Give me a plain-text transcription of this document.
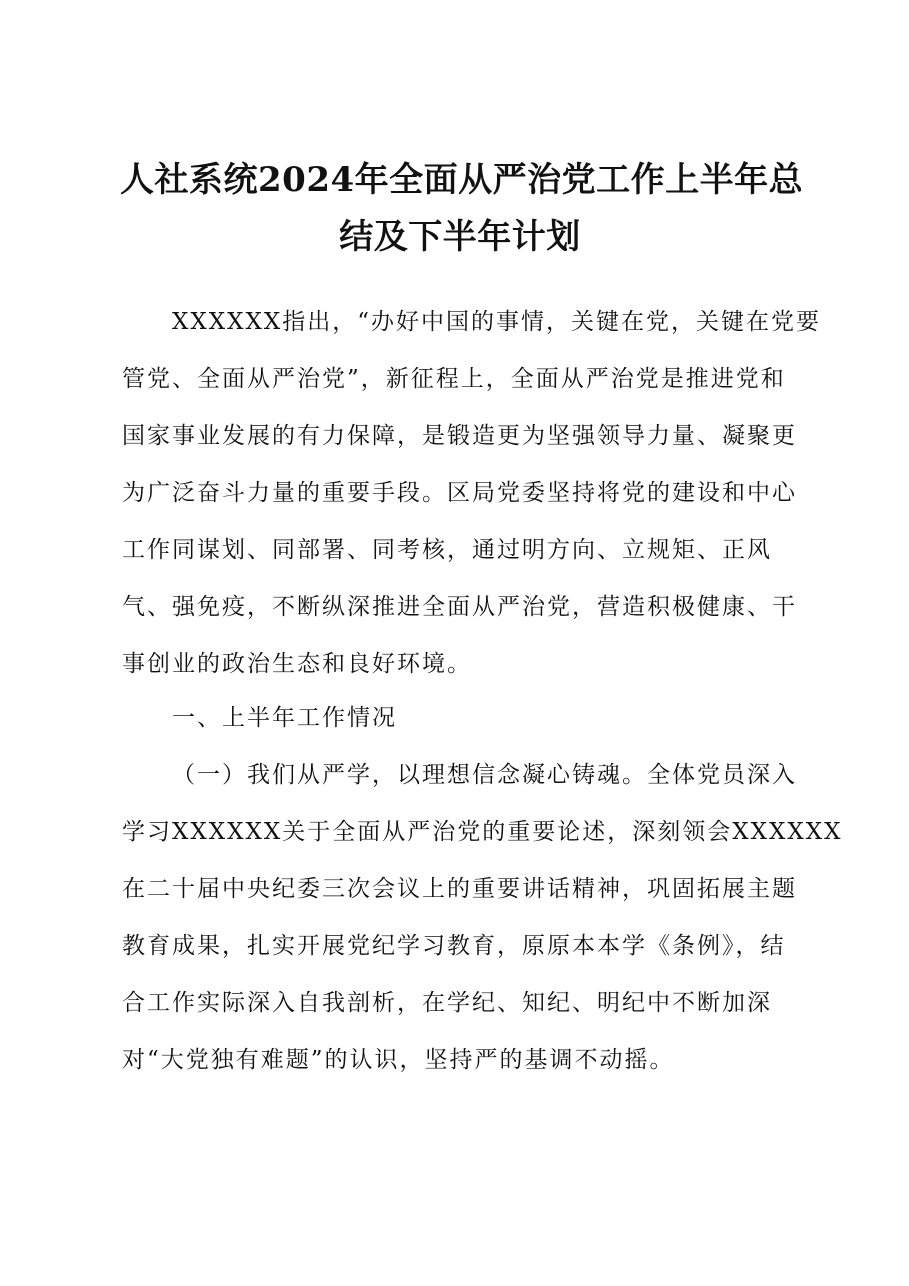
人社系统2024年全面从严治党工作上半年总
结及下半年计划
XXXXXX指出，“办好中国的事情，关键在党，关键在党要
管党、全面从严治党”，新征程上，全面从严治党是推进党和
国家事业发展的有力保障，是锻造更为坚强领导力量、凝聚更
为广泛奋斗力量的重要手段。区局党委坚持将党的建设和中心
工作同谋划、同部署、同考核，通过明方向、立规矩、正风
气、强免疫，不断纵深推进全面从严治党，营造积极健康、干
事创业的政治生态和良好环境。
一、上半年工作情况
（一）我们从严学，以理想信念凝心铸魂。全体党员深入
学习XXXXXX关于全面从严治党的重要论述，深刻领会XXXXXX
在二十届中央纪委三次会议上的重要讲话精神，巩固拓展主题
教育成果，扎实开展党纪学习教育，原原本本学《条例》，结
合工作实际深入自我剖析，在学纪、知纪、明纪中不断加深
对“大党独有难题”的认识，坚持严的基调不动摇。
